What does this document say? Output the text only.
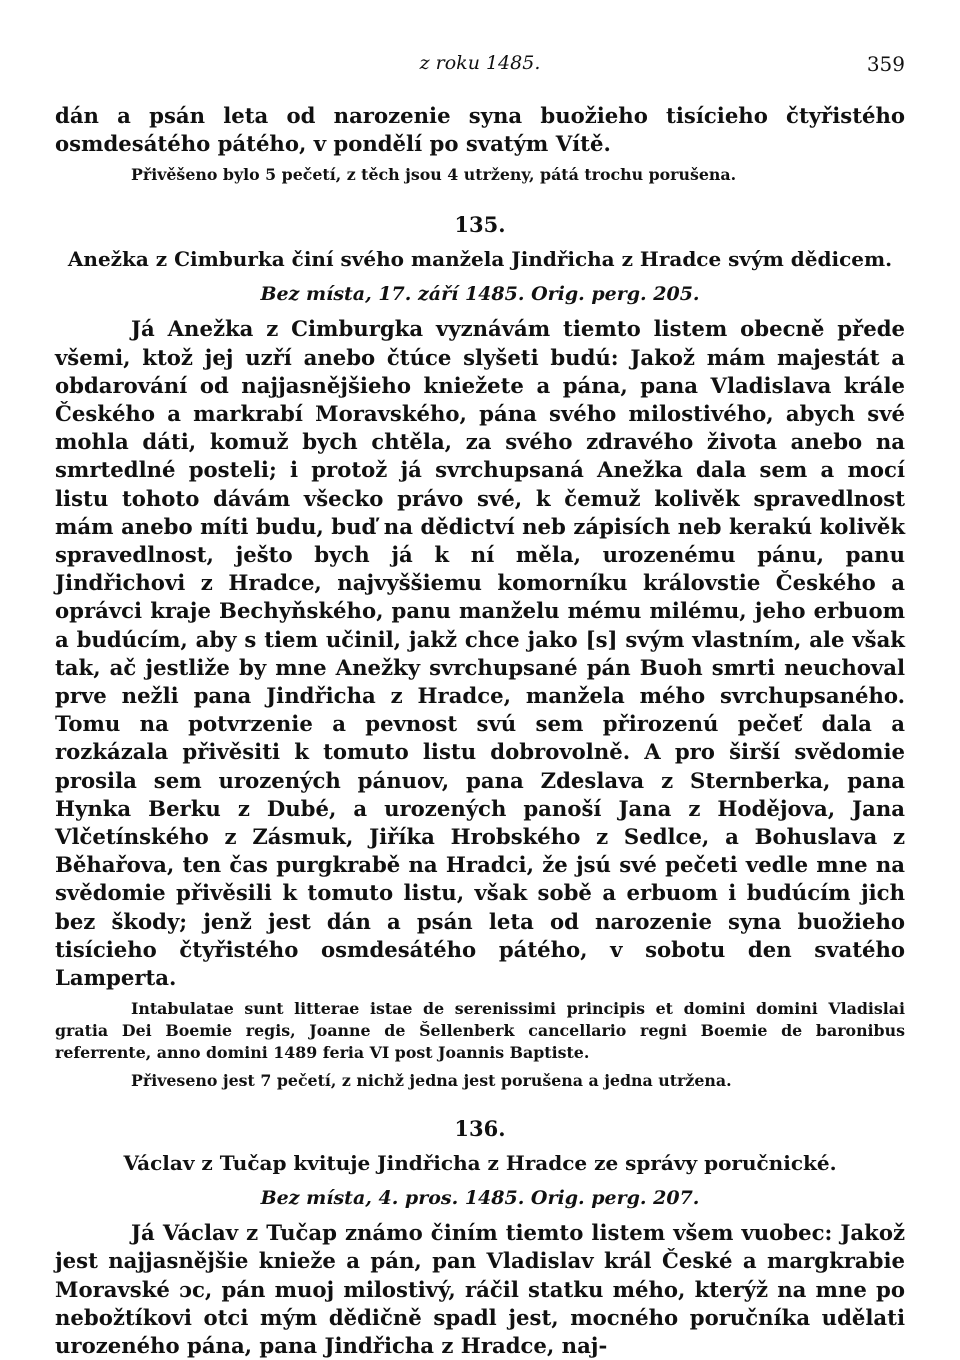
z roku 1485.	359

dán a psán leta od narozenie syna buožieho tisícieho čtyřistého osmdesátého pátého, v pondělí po svatým Vítě.

Přivěšeno bylo 5 pečetí, z těch jsou 4 utrženy, pátá trochu porušena.

135.
Anežka z Cimburka činí svého manžela Jindřicha z Hradce svým dědicem.
Bez místa, 17. září 1485. Orig. perg. 205.

Já Anežka z Cimburgka vyznávám tiemto listem obecně přede všemi, ktož jej uzří anebo čtúce slyšeti budú: Jakož mám majestát a obdarování od najjasnějšieho kniežete a pána, pana Vladislava krále Českého a markrabí Moravského, pána svého milostivého, abych své mohla dáti, komuž bych chtěla, za svého zdravého života anebo na smrtedlné posteli; i protož já svrchupsaná Anežka dala sem a mocí listu tohoto dávám všecko právo své, k čemuž kolivěk spravedlnost mám anebo míti budu, buď na dědictví neb zápisích neb kerakú kolivěk spravedlnost, ješto bych já k ní měla, urozenému pánu, panu Jindřichovi z Hradce, najvyššiemu komorníku královstie Českého a oprávci kraje Bechyňského, panu manželu mému milému, jeho erbuom a budúcím, aby s tiem učinil, jakž chce jako [s] svým vlastním, ale však tak, ač jestliže by mne Anežky svrchupsané pán Buoh smrti neuchoval prve nežli pana Jindřicha z Hradce, manžela mého svrchupsaného. Tomu na potvrzenie a pevnost svú sem přirozenú pečeť dala a rozkázala přivěsiti k tomuto listu dobrovolně. A pro širší svědomie prosila sem urozených pánuov, pana Zdeslava z Sternberka, pana Hynka Berku z Dubé, a urozených panoší Jana z Hodějova, Jana Vlčetínského z Zásmuk, Jiříka Hrobského z Sedlce, a Bohuslava z Běhařova, ten čas purgkrabě na Hradci, že jsú své pečeti vedle mne na svědomie přivěsili k tomuto listu, však sobě a erbuom i budúcím jich bez škody; jenž jest dán a psán leta od narozenie syna buožieho tisícieho čtyřistého osmdesátého pátého, v sobotu den svatého Lamperta.

Intabulatae sunt litterae istae de serenissimi principis et domini domini Vladislai gratia Dei Boemie regis, Joanne de Šellenberk cancellario regni Boemie de baronibus referrente, anno domini 1489 feria VI post Joannis Baptiste.

Přiveseno jest 7 pečetí, z nichž jedna jest porušena a jedna utržena.

136.
Václav z Tučap kvituje Jindřicha z Hradce ze správy poručnické.
Bez místa, 4. pros. 1485. Orig. perg. 207.

Já Václav z Tučap známo činím tiemto listem všem vuobec: Jakož jest najjasnějšie knieže a pán, pan Vladislav král České a margkrabie Moravské ɔc, pán muoj milostivý, ráčil statku mého, kterýž na mne po nebožtíkovi otci mým dědičně spadl jest, mocného poručníka udělati urozeného pána, pana Jindřicha z Hradce, naj-
